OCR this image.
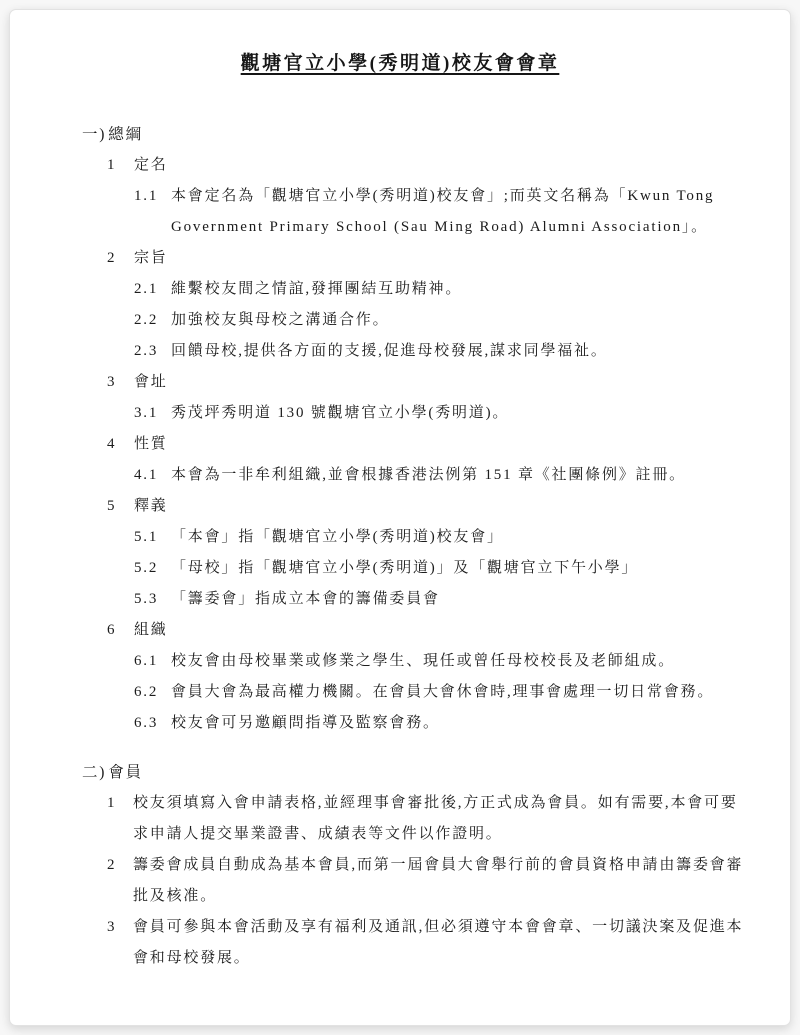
觀塘官立小學(秀明道)校友會會章
一) 總綱
1	定名
1.1 本會定名為「觀塘官立小學(秀明道)校友會」;而英文名稱為「Kwun Tong Government Primary School (Sau Ming Road) Alumni Association」。
2	宗旨
2.1 維繫校友間之情誼,發揮團結互助精神。
2.2 加強校友與母校之溝通合作。
2.3 回饋母校,提供各方面的支援,促進母校發展,謀求同學福祉。
3	會址
3.1 秀茂坪秀明道 130 號觀塘官立小學(秀明道)。
4	性質
4.1 本會為一非牟利組織,並會根據香港法例第 151 章《社團條例》註冊。
5	釋義
5.1 「本會」指「觀塘官立小學(秀明道)校友會」
5.2 「母校」指「觀塘官立小學(秀明道)」及「觀塘官立下午小學」
5.3 「籌委會」指成立本會的籌備委員會
6	組織
6.1 校友會由母校畢業或修業之學生、現任或曾任母校校長及老師組成。
6.2 會員大會為最高權力機關。在會員大會休會時,理事會處理一切日常會務。
6.3 校友會可另邀顧問指導及監察會務。
二) 會員
1	校友須填寫入會申請表格,並經理事會審批後,方正式成為會員。如有需要,本會可要求申請人提交畢業證書、成績表等文件以作證明。
2	籌委會成員自動成為基本會員,而第一屆會員大會舉行前的會員資格申請由籌委會審批及核准。
3	會員可參與本會活動及享有福利及通訊,但必須遵守本會會章、一切議決案及促進本會和母校發展。
